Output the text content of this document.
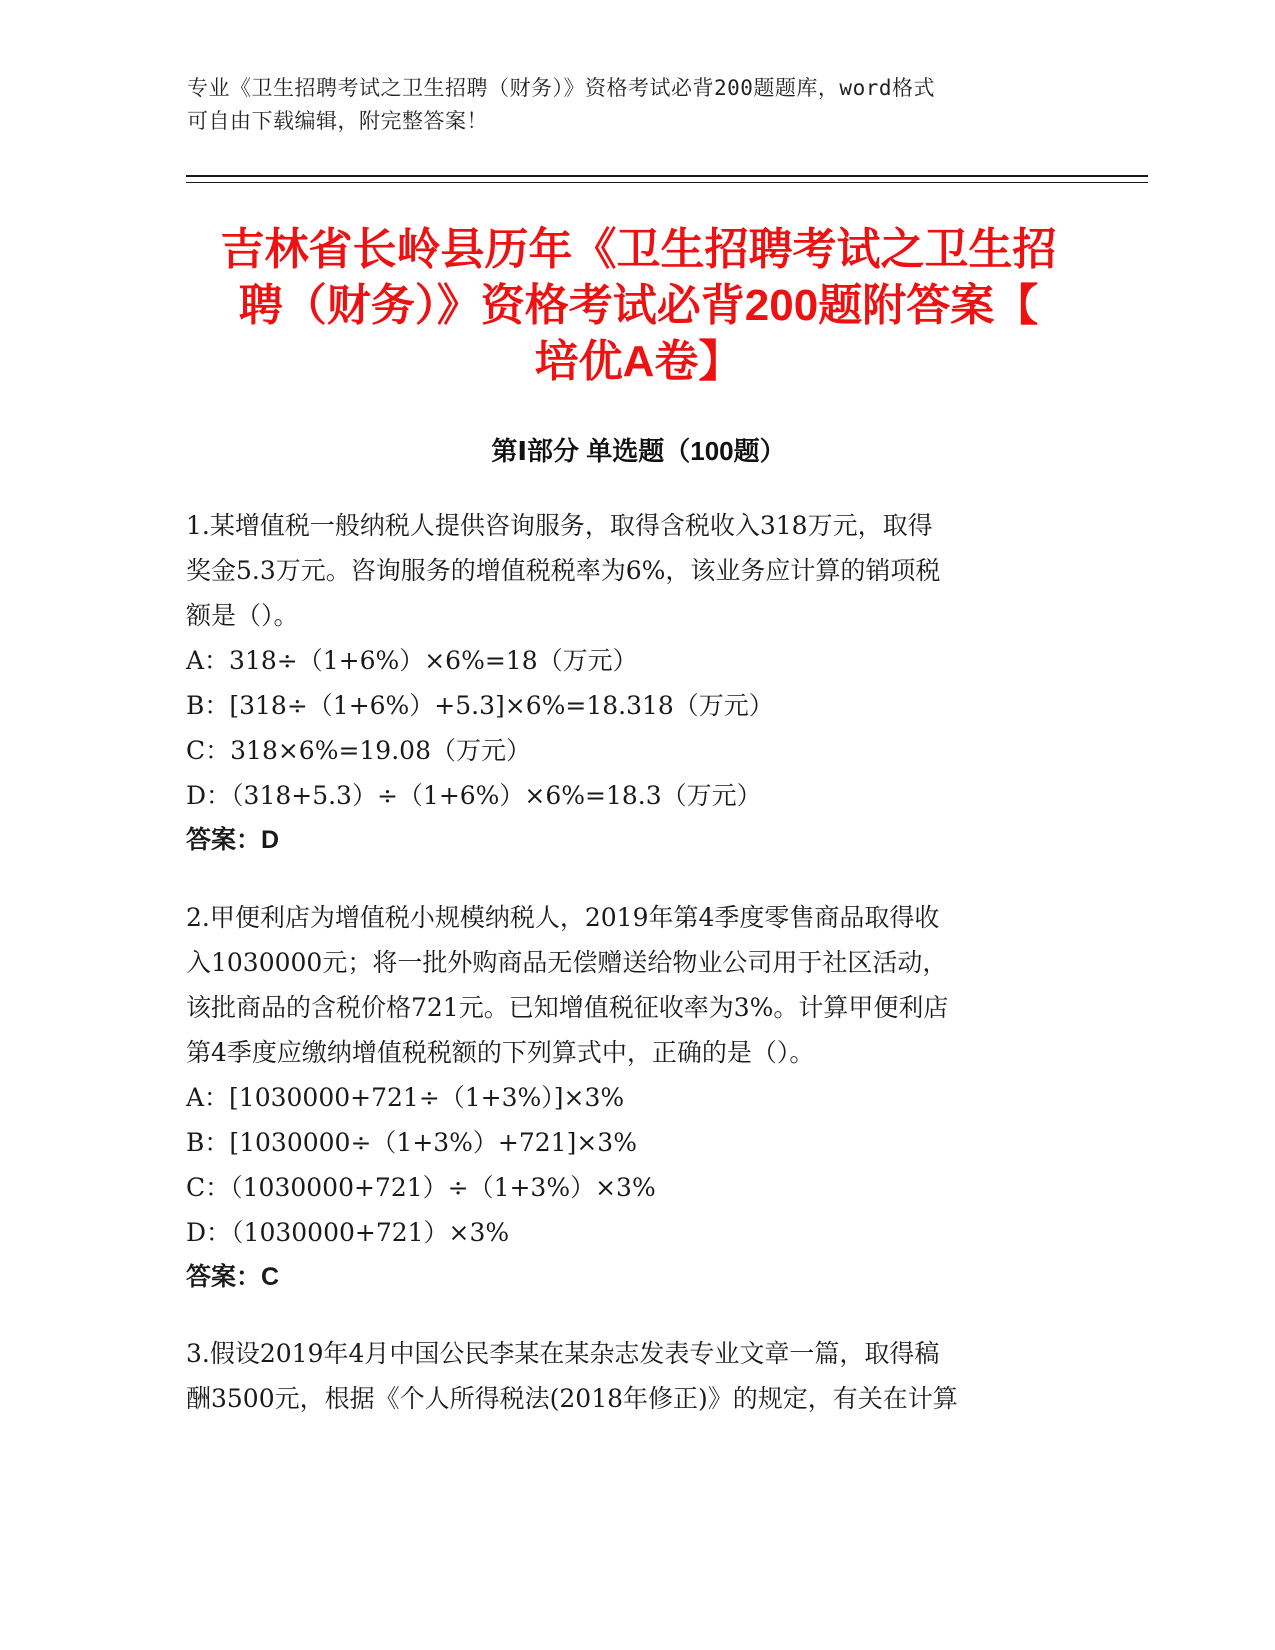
专业《卫生招聘考试之卫生招聘（财务）》资格考试必背200题题库，word格式
可自由下载编辑，附完整答案！
吉林省长岭县历年《卫生招聘考试之卫生招
聘（财务）》资格考试必背200题附答案【
培优A卷】
第Ⅰ部分 单选题（100题）
1.某增值税一般纳税人提供咨询服务，取得含税收入318万元，取得
奖金5.3万元。咨询服务的增值税税率为6%，该业务应计算的销项税
额是（）。
A：318÷（1+6%）×6%=18（万元）
B：[318÷（1+6%）+5.3]×6%=18.318（万元）
C：318×6%=19.08（万元）
D：（318+5.3）÷（1+6%）×6%=18.3（万元）
答案：D
2.甲便利店为增值税小规模纳税人，2019年第4季度零售商品取得收
入1030000元；将一批外购商品无偿赠送给物业公司用于社区活动，
该批商品的含税价格721元。已知增值税征收率为3%。计算甲便利店
第4季度应缴纳增值税税额的下列算式中，正确的是（）。
A：[1030000+721÷（1+3%）]×3%
B：[1030000÷（1+3%）+721]×3%
C：（1030000+721）÷（1+3%）×3%
D：（1030000+721）×3%
答案：C
3.假设2019年4月中国公民李某在某杂志发表专业文章一篇，取得稿
酬3500元，根据《个人所得税法(2018年修正)》的规定，有关在计算
